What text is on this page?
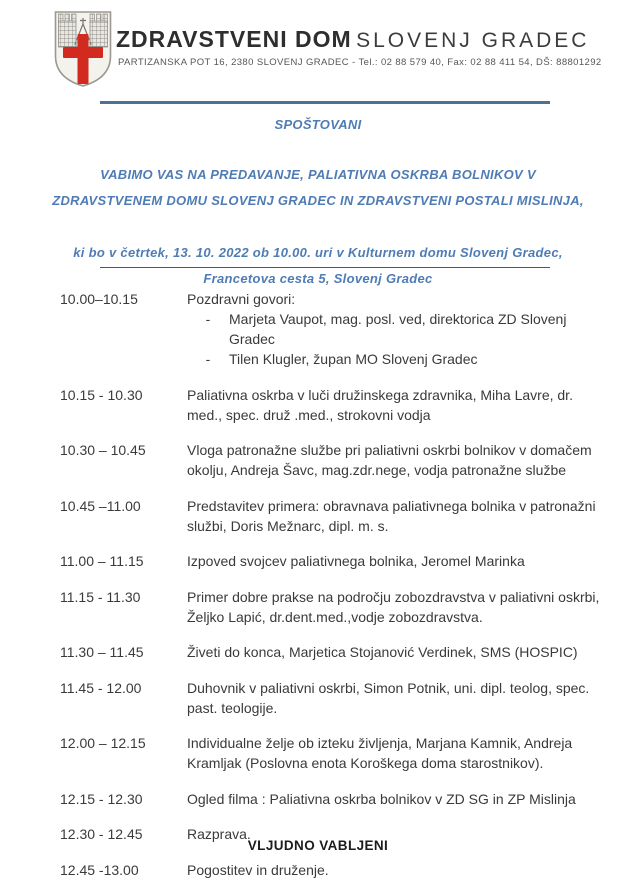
ZDRAVSTVENI DOM SLOVENJ GRADEC
PARTIZANSKA POT 16, 2380 SLOVENJ GRADEC - Tel.: 02 88 579 40, Fax: 02 88 411 54, DŠ: 88801292
SPOŠTOVANI
VABIMO VAS NA PREDAVANJE, PALIATIVNA OSKRBA BOLNIKOV V
ZDRAVSTVENEM DOMU SLOVENJ GRADEC IN ZDRAVSTVENI POSTALI MISLINJA,
ki bo v četrtek, 13. 10. 2022 ob 10.00. uri v Kulturnem domu Slovenj Gradec,
Francetova cesta 5, Slovenj Gradec
10.00–10.15	Pozdravni govori:
-	Marjeta Vaupot, mag. posl. ved, direktorica ZD Slovenj Gradec
-	Tilen Klugler, župan MO Slovenj Gradec
10.15 - 10.30	Paliativna oskrba v luči družinskega zdravnika, Miha Lavre, dr. med., spec. druž .med., strokovni vodja
10.30 – 10.45	Vloga patronažne službe pri paliativni oskrbi bolnikov v domačem okolju, Andreja Šavc, mag.zdr.nege, vodja patronažne službe
10.45 –11.00	Predstavitev primera: obravnava paliativnega bolnika v patronažni službi, Doris Mežnarc, dipl. m. s.
11.00 – 11.15	Izpoved svojcev paliativnega bolnika, Jeromel Marinka
11.15 - 11.30	Primer dobre prakse na področju zobozdravstva v paliativni oskrbi, Željko Lapić, dr.dent.med.,vodje zobozdravstva.
11.30 – 11.45	Živeti do konca, Marjetica Stojanović Verdinek, SMS (HOSPIC)
11.45 - 12.00	Duhovnik v paliativni oskrbi, Simon Potnik, uni. dipl. teolog, spec. past. teologije.
12.00 – 12.15	Individualne želje ob izteku življenja, Marjana Kamnik, Andreja Kramljak (Poslovna enota Koroškega doma starostnikov).
12.15 - 12.30	Ogled filma : Paliativna oskrba bolnikov v ZD SG in ZP Mislinja
12.30 - 12.45	Razprava.
12.45 -13.00	Pogostitev in druženje.
VLJUDNO VABLJENI
